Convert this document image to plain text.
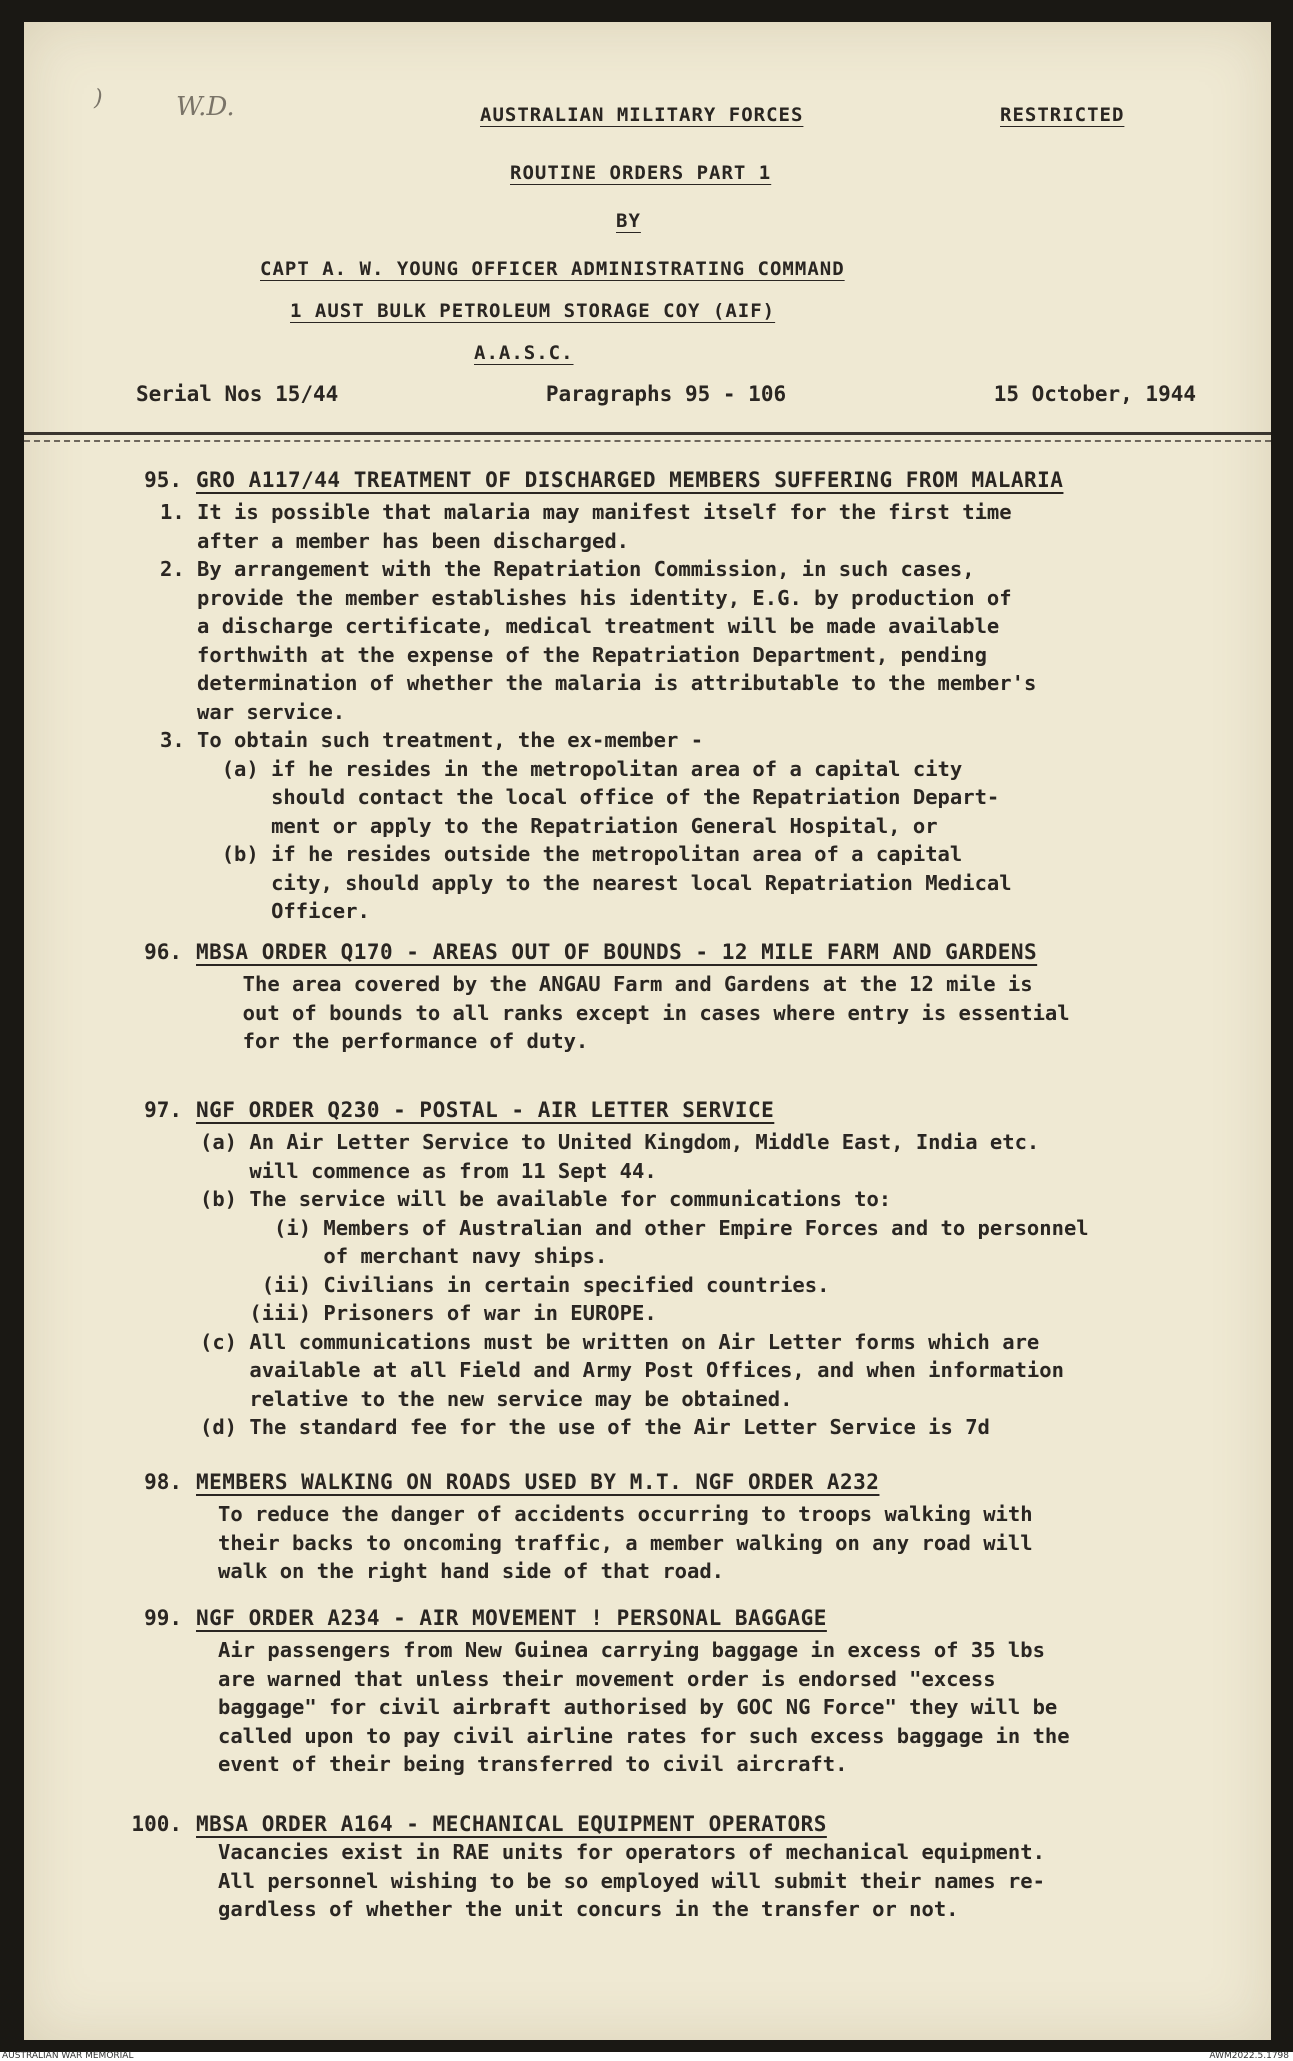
)	W.D.	AUSTRALIAN MILITARY FORCES	RESTRICTED
ROUTINE ORDERS PART 1
BY
CAPT A. W. YOUNG OFFICER ADMINISTRATING COMMAND
1 AUST BULK PETROLEUM STORAGE COY (AIF)
A.A.S.C.
Serial Nos 15/44	Paragraphs 95 - 106	15 October, 1944
95. GRO A117/44 TREATMENT OF DISCHARGED MEMBERS SUFFERING FROM MALARIA
1. It is possible that malaria may manifest itself for the first time
after a member has been discharged.
2. By arrangement with the Repatriation Commission, in such cases,
provide the member establishes his identity, E.G. by production of
a discharge certificate, medical treatment will be made available
forthwith at the expense of the Repatriation Department, pending
determination of whether the malaria is attributable to the member's
war service.
3. To obtain such treatment, the ex-member -
(a) if he resides in the metropolitan area of a capital city
should contact the local office of the Repatriation Depart-
ment or apply to the Repatriation General Hospital, or
(b) if he resides outside the metropolitan area of a capital
city, should apply to the nearest local Repatriation Medical
Officer.
96. MBSA ORDER Q170 - AREAS OUT OF BOUNDS - 12 MILE FARM AND GARDENS
The area covered by the ANGAU Farm and Gardens at the 12 mile is
out of bounds to all ranks except in cases where entry is essential
for the performance of duty.
97. NGF ORDER Q230 - POSTAL - AIR LETTER SERVICE
(a) An Air Letter Service to United Kingdom, Middle East, India etc.
will commence as from 11 Sept 44.
(b) The service will be available for communications to:
(i) Members of Australian and other Empire Forces and to personnel
of merchant navy ships.
(ii) Civilians in certain specified countries.
(iii) Prisoners of war in EUROPE.
(c) All communications must be written on Air Letter forms which are
available at all Field and Army Post Offices, and when information
relative to the new service may be obtained.
(d) The standard fee for the use of the Air Letter Service is 7d
98. MEMBERS WALKING ON ROADS USED BY M.T. NGF ORDER A232
To reduce the danger of accidents occurring to troops walking with
their backs to oncoming traffic, a member walking on any road will
walk on the right hand side of that road.
99. NGF ORDER A234 - AIR MOVEMENT ! PERSONAL BAGGAGE
Air passengers from New Guinea carrying baggage in excess of 35 lbs
are warned that unless their movement order is endorsed "excess
baggage" for civil airbraft authorised by GOC NG Force" they will be
called upon to pay civil airline rates for such excess baggage in the
event of their being transferred to civil aircraft.
100. MBSA ORDER A164 - MECHANICAL EQUIPMENT OPERATORS
Vacancies exist in RAE units for operators of mechanical equipment.
All personnel wishing to be so employed will submit their names re-
gardless of whether the unit concurs in the transfer or not.
AUSTRALIAN WAR MEMORIAL	AWM2022.5.1798
